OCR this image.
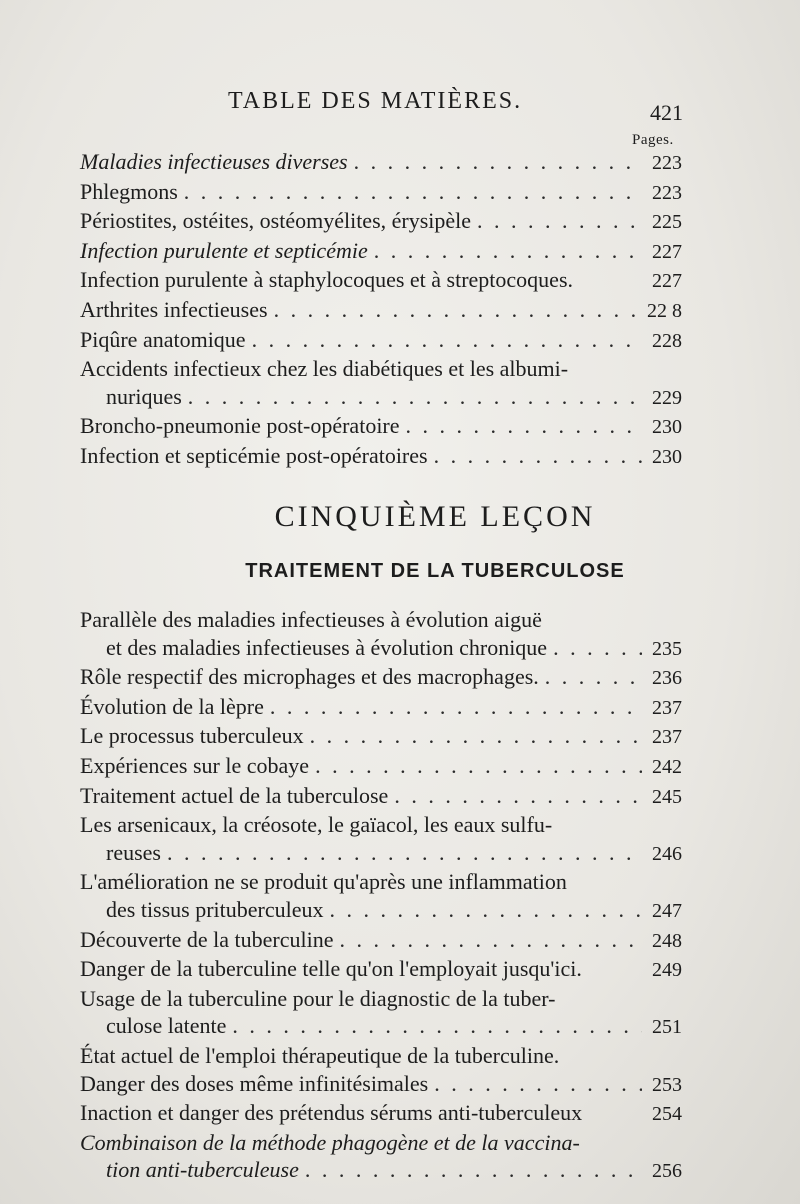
TABLE DES MATIÈRES.	421
Pages.
Maladies infectieuses diverses . . .	223
Phlegmons . . .	223
Périostites, ostéites, ostéomyélites, érysipèle . . .	225
Infection purulente et septicémie . . .	227
Infection purulente à staphylocoques et à streptocoques.	227
Arthrites infectieuses . . .	22 8
Piqûre anatomique . . .	228
Accidents infectieux chez les diabétiques et les albumi-
nuriques . . .	229
Broncho-pneumonie post-opératoire . . .	230
Infection et septicémie post-opératoires . . .	230
CINQUIÈME LEÇON
TRAITEMENT DE LA TUBERCULOSE
Parallèle des maladies infectieuses à évolution aiguë
et des maladies infectieuses à évolution chronique . . .	235
Rôle respectif des microphages et des macrophages. . . .	236
Évolution de la lèpre . . .	237
Le processus tuberculeux . . .	237
Expériences sur le cobaye . . .	242
Traitement actuel de la tuberculose . . .	245
Les arsenicaux, la créosote, le gaïacol, les eaux sulfu-
reuses . . .	246
L'amélioration ne se produit qu'après une inflammation
des tissus prituberculeux . . .	247
Découverte de la tuberculine . . .	248
Danger de la tuberculine telle qu'on l'employait jusqu'ici.	249
Usage de la tuberculine pour le diagnostic de la tuber-
culose latente . . .	251
État actuel de l'emploi thérapeutique de la tuberculine.
Danger des doses même infinitésimales . . .	253
Inaction et danger des prétendus sérums anti-tuberculeux	254
Combinaison de la méthode phagogène et de la vaccina-
tion anti-tuberculeuse . . .	256
